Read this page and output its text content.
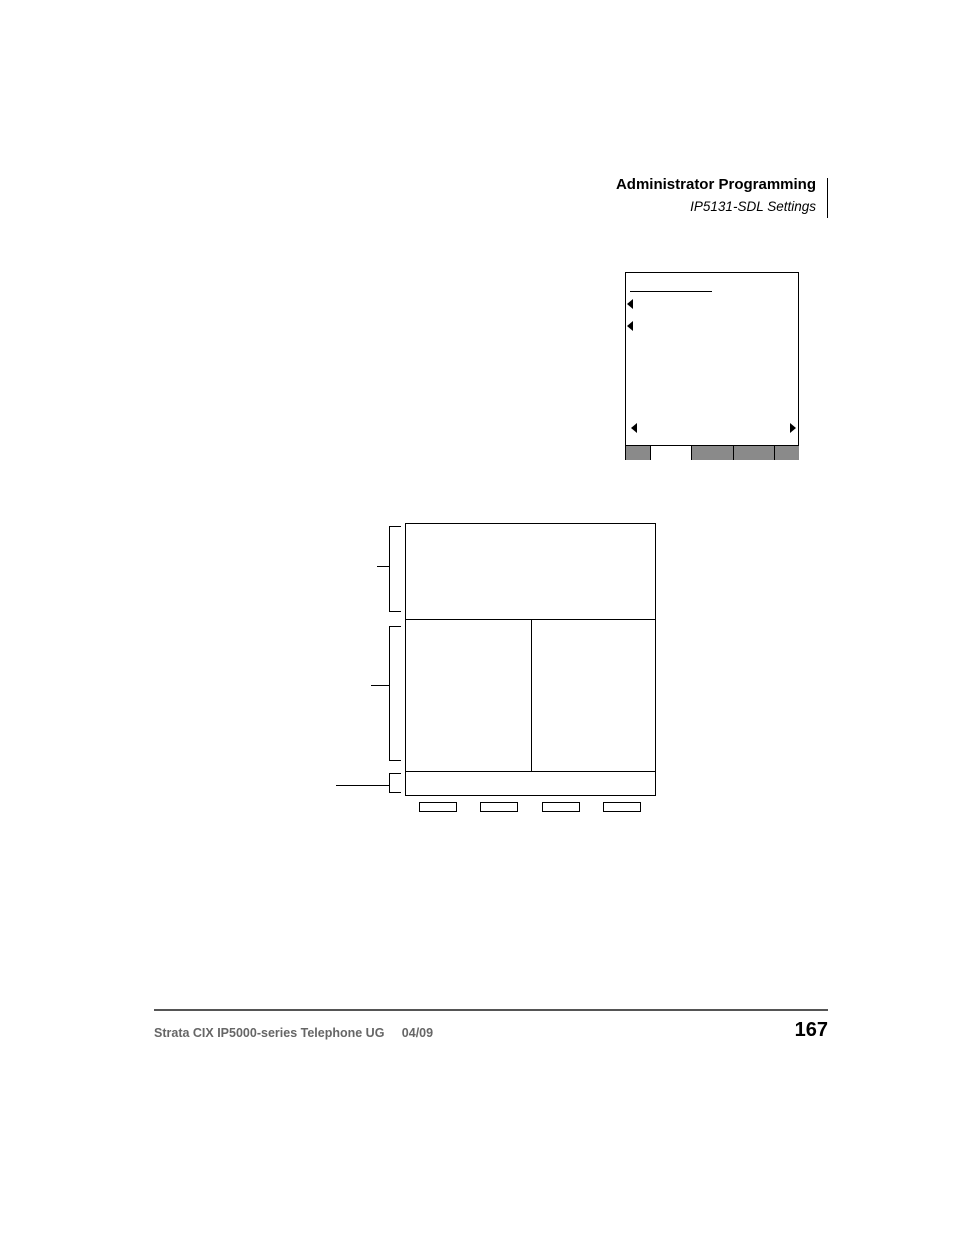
Administrator Programming
IP5131-SDL Settings
Strata CIX IP5000-series Telephone UG 04/09	167
